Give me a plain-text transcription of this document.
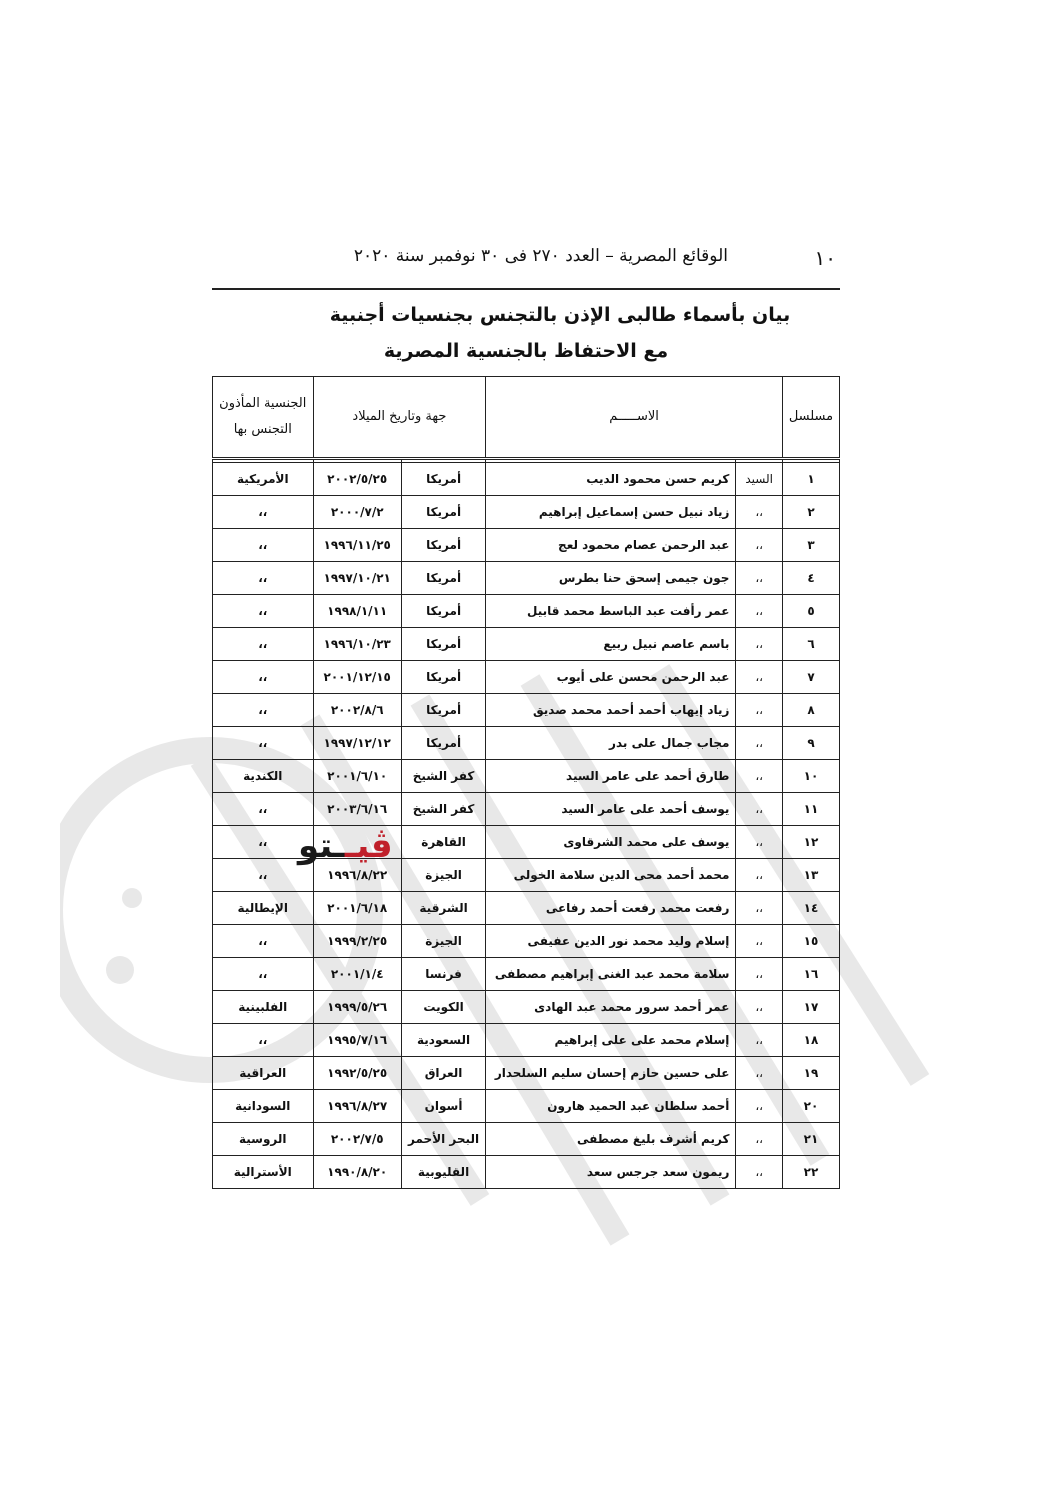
١٠
الوقائع المصرية – العدد ٢٧٠ فى ٣٠ نوفمبر سنة ٢٠٢٠
بيان بأسماء طالبى الإذن بالتجنس بجنسيات أجنبية
مع الاحتفاظ بالجنسية المصرية
مسلسل	الاســـــم		جهة وتاريخ الميلاد		الجنسية المأذون
التجنس بها

١	السيد	كريم حسن محمود الديب	أمريكا	٢٠٠٢/٥/٢٥	الأمريكية
٢	،،	زياد نبيل حسن إسماعيل إبراهيم	أمريكا	٢٠٠٠/٧/٢	،،
٣	،،	عبد الرحمن عصام محمود لعج	أمريكا	١٩٩٦/١١/٢٥	،،
٤	،،	جون جيمى إسحق حنا بطرس	أمريكا	١٩٩٧/١٠/٢١	،،
٥	،،	عمر رأفت عبد الباسط محمد قابيل	أمريكا	١٩٩٨/١/١١	،،
٦	،،	باسم عاصم نبيل ربيع	أمريكا	١٩٩٦/١٠/٢٣	،،
٧	،،	عبد الرحمن محسن على أيوب	أمريكا	٢٠٠١/١٢/١٥	،،
٨	،،	زياد إيهاب أحمد أحمد محمد صديق	أمريكا	٢٠٠٢/٨/٦	،،
٩	،،	مجاب جمال على بدر	أمريكا	١٩٩٧/١٢/١٢	،،
١٠	،،	طارق أحمد على عامر السيد	كفر الشيخ	٢٠٠١/٦/١٠	الكندية
١١	،،	يوسف أحمد على عامر السيد	كفر الشيخ	٢٠٠٣/٦/١٦	،،
١٢	،،	يوسف على محمد الشرقاوى	القاهرة		،،
١٣	،،	محمد أحمد محى الدين سلامة الخولى	الجيزة	١٩٩٦/٨/٢٢	،،
١٤	،،	رفعت محمد رفعت أحمد رفاعى	الشرقية	٢٠٠١/٦/١٨	الإيطالية
١٥	،،	إسلام وليد محمد نور الدين عفيفى	الجيزة	١٩٩٩/٢/٢٥	،،
١٦	،،	سلامة محمد عبد الغنى إبراهيم مصطفى	فرنسا	٢٠٠١/١/٤	،،
١٧	،،	عمر أحمد سرور محمد عبد الهادى	الكويت	١٩٩٩/٥/٢٦	الفلبينية
١٨	،،	إسلام محمد على على إبراهيم	السعودية	١٩٩٥/٧/١٦	،،
١٩	،،	على حسين حازم إحسان سليم السلحدار	العراق	١٩٩٢/٥/٢٥	العراقية
٢٠	،،	أحمد سلطان عبد الحميد هارون	أسوان	١٩٩٦/٨/٢٧	السودانية
٢١	،،	كريم أشرف بليغ مصطفى	البحر الأحمر	٢٠٠٢/٧/٥	الروسية
٢٢	،،	ريمون سعد جرجس سعد	القليوبية	١٩٩٠/٨/٢٠	الأسترالية
ڤيــتو
